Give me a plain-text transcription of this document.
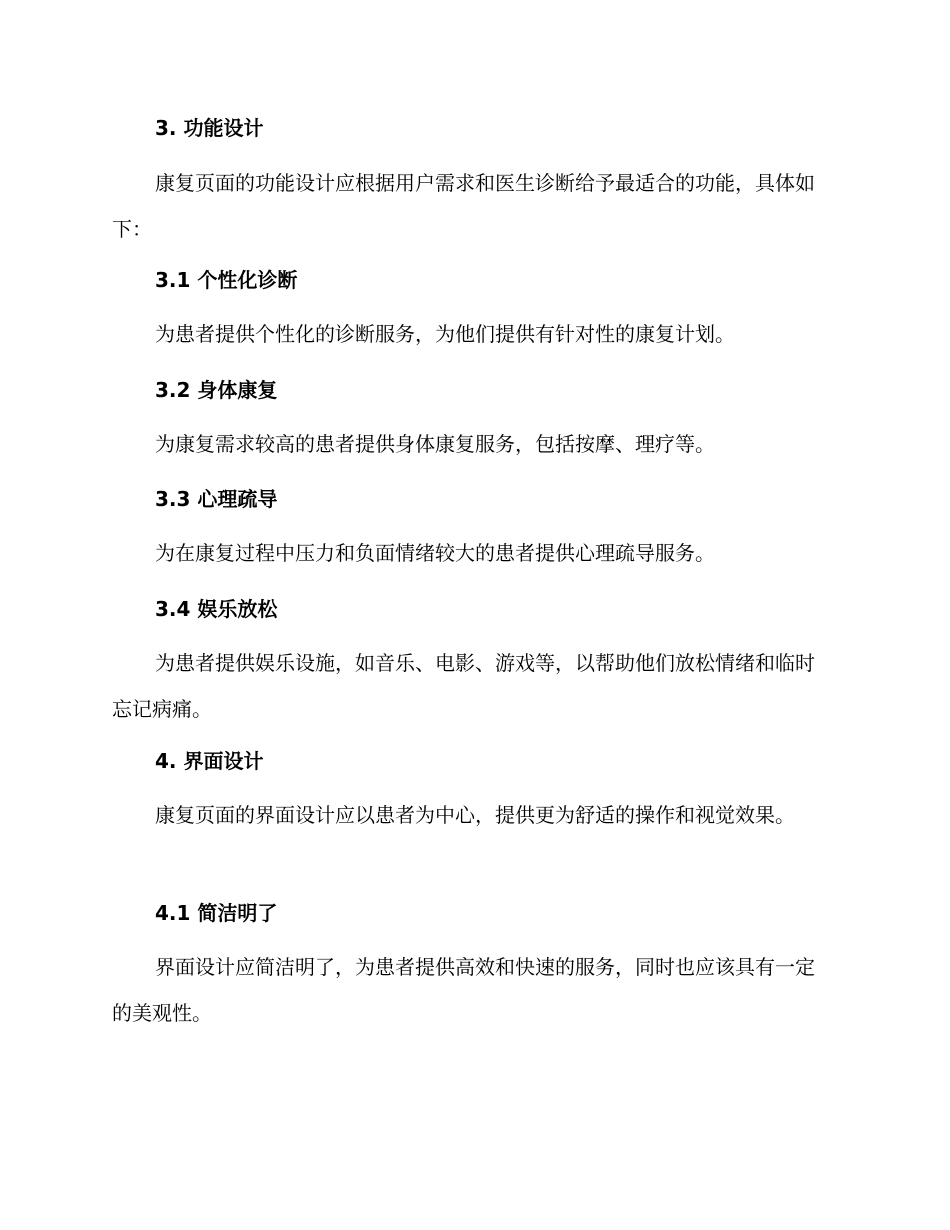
3. 功能设计

康复页面的功能设计应根据用户需求和医生诊断给予最适合的功能，具体如下：

3.1 个性化诊断

为患者提供个性化的诊断服务，为他们提供有针对性的康复计划。

3.2 身体康复

为康复需求较高的患者提供身体康复服务，包括按摩、理疗等。

3.3 心理疏导

为在康复过程中压力和负面情绪较大的患者提供心理疏导服务。

3.4 娱乐放松

为患者提供娱乐设施，如音乐、电影、游戏等，以帮助他们放松情绪和临时忘记病痛。

4. 界面设计

康复页面的界面设计应以患者为中心，提供更为舒适的操作和视觉效果。

4.1 简洁明了

界面设计应简洁明了，为患者提供高效和快速的服务，同时也应该具有一定的美观性。
